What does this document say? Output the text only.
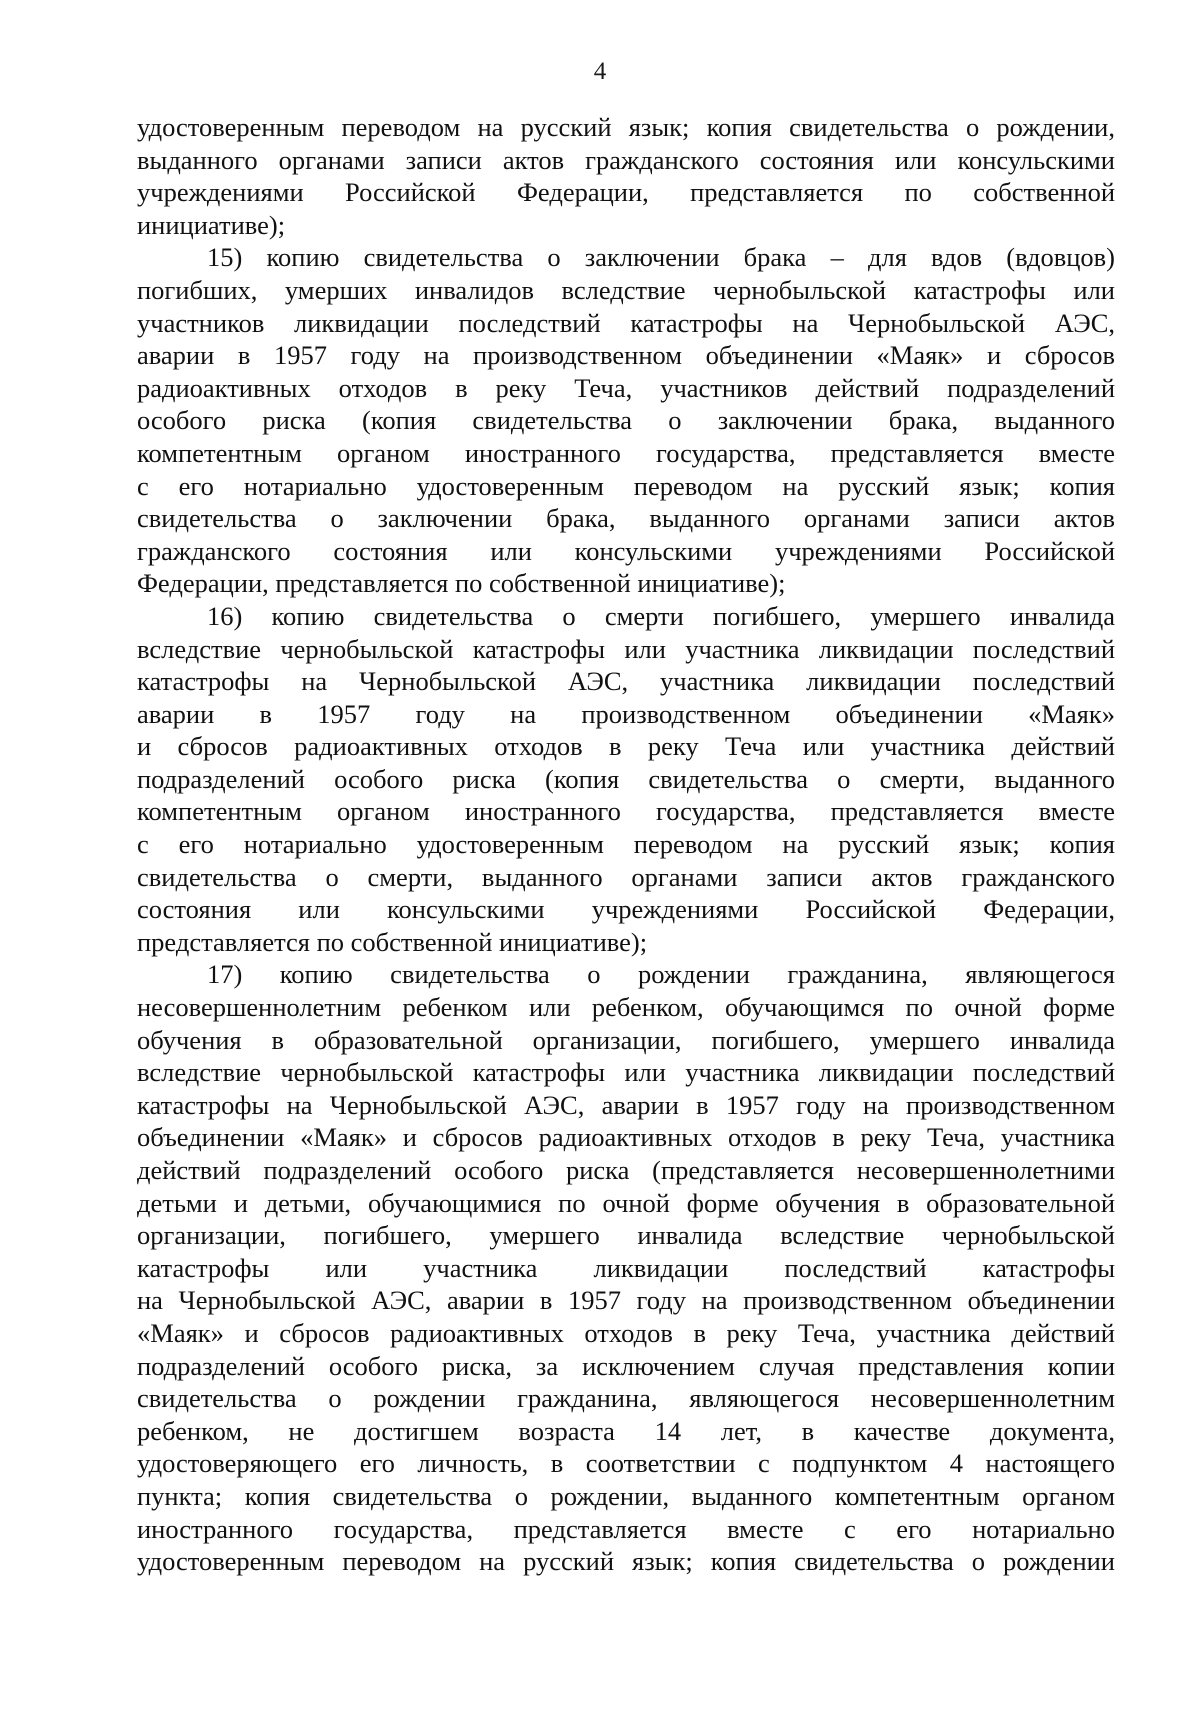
4
удостоверенным переводом на русский язык; копия свидетельства о рождении,
выданного органами записи актов гражданского состояния или консульскими
учреждениями Российской Федерации, представляется по собственной
инициативе);
15) копию свидетельства о заключении брака – для вдов (вдовцов)
погибших, умерших инвалидов вследствие чернобыльской катастрофы или
участников ликвидации последствий катастрофы на Чернобыльской АЭС,
аварии в 1957 году на производственном объединении «Маяк» и сбросов
радиоактивных отходов в реку Теча, участников действий подразделений
особого риска (копия свидетельства о заключении брака, выданного
компетентным органом иностранного государства, представляется вместе
с его нотариально удостоверенным переводом на русский язык; копия
свидетельства о заключении брака, выданного органами записи актов
гражданского состояния или консульскими учреждениями Российской
Федерации, представляется по собственной инициативе);
16) копию свидетельства о смерти погибшего, умершего инвалида
вследствие чернобыльской катастрофы или участника ликвидации последствий
катастрофы на Чернобыльской АЭС, участника ликвидации последствий
аварии в 1957 году на производственном объединении «Маяк»
и сбросов радиоактивных отходов в реку Теча или участника действий
подразделений особого риска (копия свидетельства о смерти, выданного
компетентным органом иностранного государства, представляется вместе
с его нотариально удостоверенным переводом на русский язык; копия
свидетельства о смерти, выданного органами записи актов гражданского
состояния или консульскими учреждениями Российской Федерации,
представляется по собственной инициативе);
17) копию свидетельства о рождении гражданина, являющегося
несовершеннолетним ребенком или ребенком, обучающимся по очной форме
обучения в образовательной организации, погибшего, умершего инвалида
вследствие чернобыльской катастрофы или участника ликвидации последствий
катастрофы на Чернобыльской АЭС, аварии в 1957 году на производственном
объединении «Маяк» и сбросов радиоактивных отходов в реку Теча, участника
действий подразделений особого риска (представляется несовершеннолетними
детьми и детьми, обучающимися по очной форме обучения в образовательной
организации, погибшего, умершего инвалида вследствие чернобыльской
катастрофы или участника ликвидации последствий катастрофы
на Чернобыльской АЭС, аварии в 1957 году на производственном объединении
«Маяк» и сбросов радиоактивных отходов в реку Теча, участника действий
подразделений особого риска, за исключением случая представления копии
свидетельства о рождении гражданина, являющегося несовершеннолетним
ребенком, не достигшем возраста 14 лет, в качестве документа,
удостоверяющего его личность, в соответствии с подпунктом 4 настоящего
пункта; копия свидетельства о рождении, выданного компетентным органом
иностранного государства, представляется вместе с его нотариально
удостоверенным переводом на русский язык; копия свидетельства о рождении
